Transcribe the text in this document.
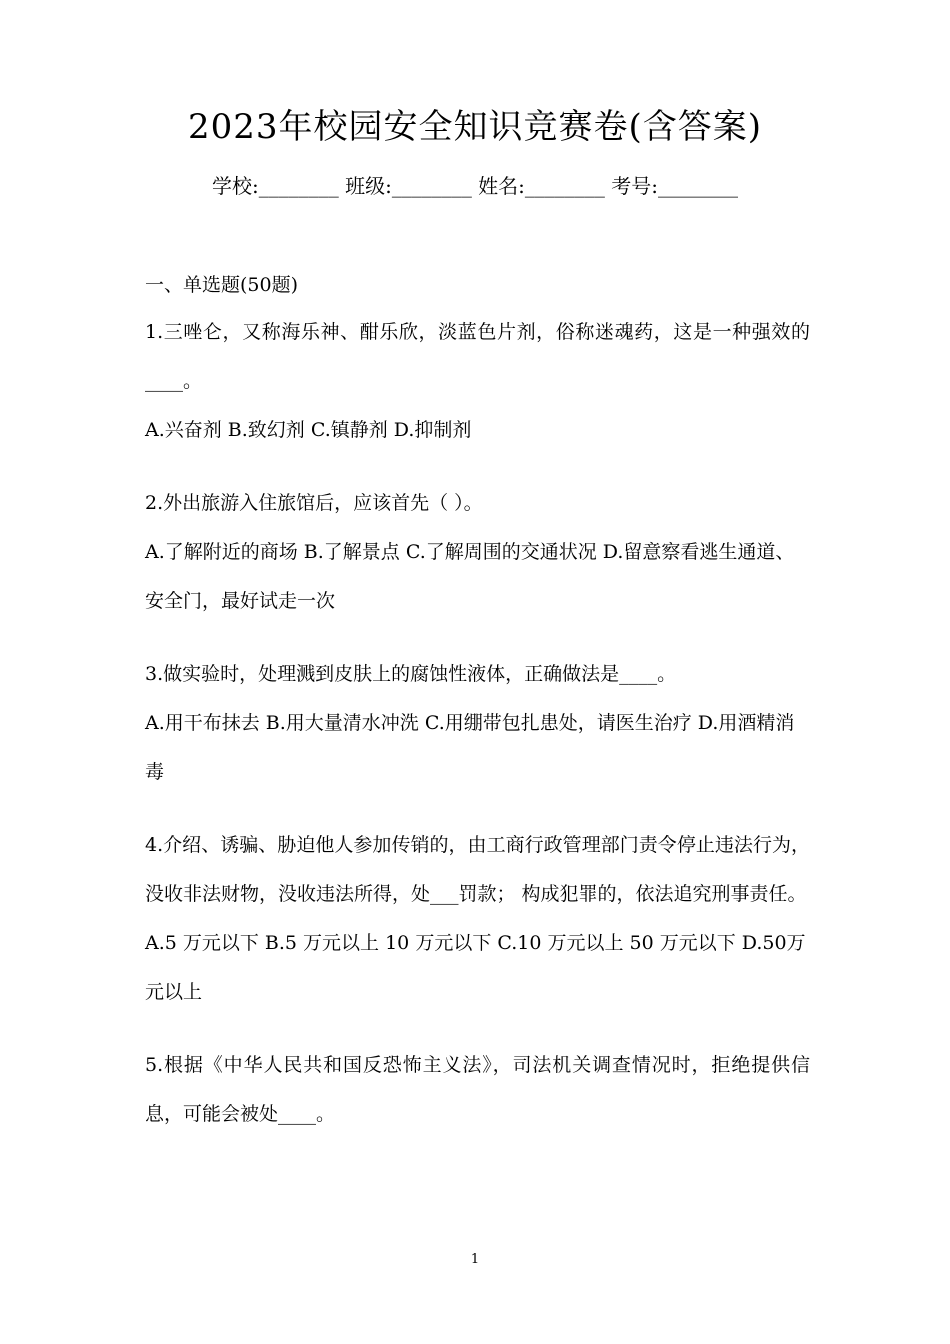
2023年校园安全知识竞赛卷(含答案)
学校:________ 班级:________ 姓名:________ 考号:________
一、单选题(50题)

1.三唑仑，又称海乐神、酣乐欣，淡蓝色片剂，俗称迷魂药，这是一种强效的 ____。

A.兴奋剂 B.致幻剂 C.镇静剂 D.抑制剂

2.外出旅游入住旅馆后，应该首先（ ）。

A.了解附近的商场 B.了解景点 C.了解周围的交通状况 D.留意察看逃生通道、安全门，最好试走一次

3.做实验时，处理溅到皮肤上的腐蚀性液体，正确做法是____。

A.用干布抹去 B.用大量清水冲洗 C.用绷带包扎患处，请医生治疗 D.用酒精消毒

4.介绍、诱骗、胁迫他人参加传销的，由工商行政管理部门责令停止违法行为，没收非法财物，没收违法所得，处___罚款； 构成犯罪的，依法追究刑事责任。

A.5 万元以下 B.5 万元以上 10 万元以下 C.10 万元以上 50 万元以下 D.50万元以上

5.根据《中华人民共和国反恐怖主义法》，司法机关调查情况时，拒绝提供信息，可能会被处____。

1
